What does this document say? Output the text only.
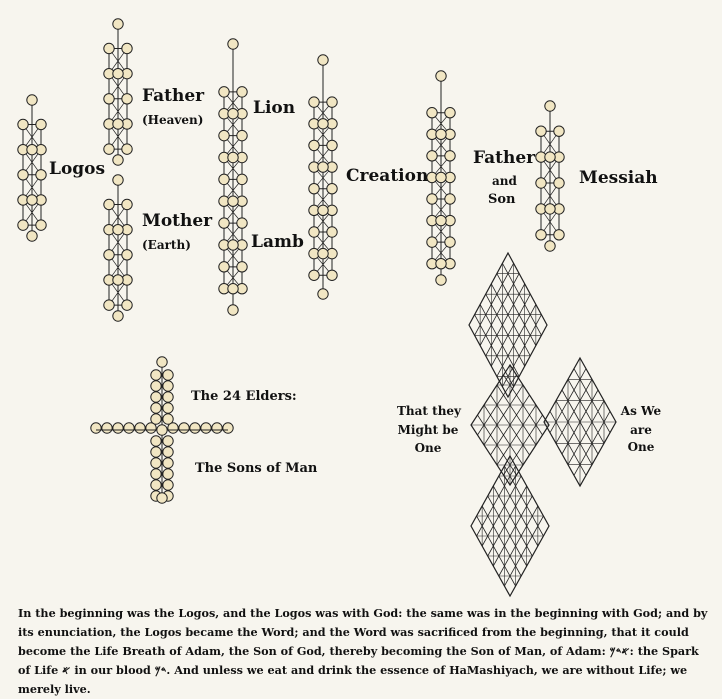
Logos
Father
(Heaven)
Mother
(Earth)
Lion
Lamb
Creation
Father
and
Son
Messiah
The 24 Elders:
The Sons of Man
That they
Might be
One
As We
are
One
In the beginning was the Logos, and the Logos was with God: the same was in the beginning with God; and by its enunciation, the Logos became the Word; and the Word was sacrificed from the beginning, that it could become the Life Breath of Adam, the Son of God, thereby becoming the Son of Man, of Adam: 𐤀𐤃𐤌: the Spark of Life 𐤀 in our blood 𐤃𐤌. And unless we eat and drink the essence of HaMashiyach, we are without Life; we merely live.
